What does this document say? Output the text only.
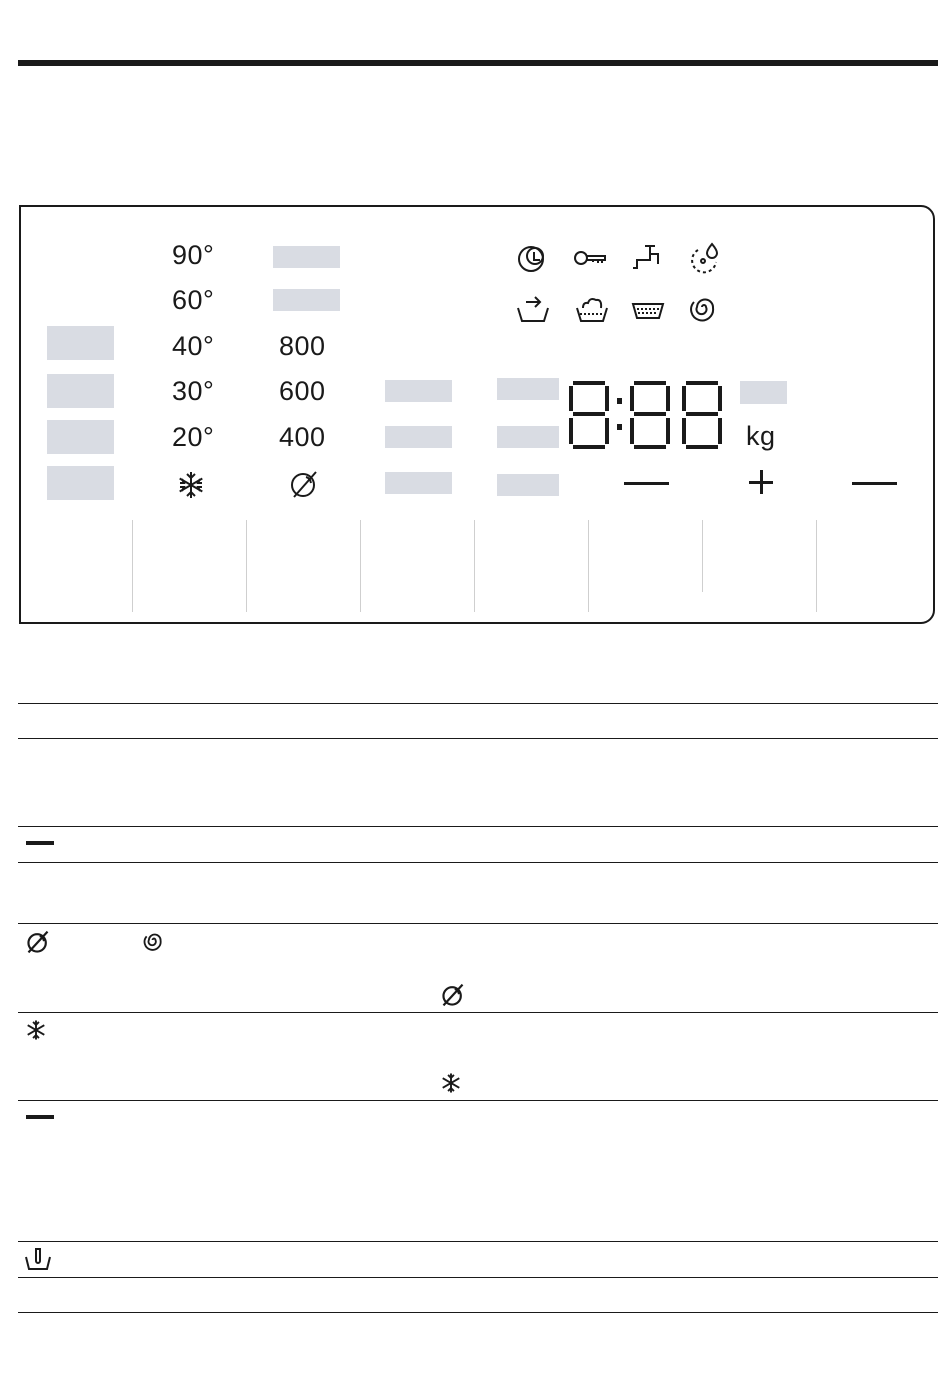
90°
60°
40°
30°
20°
800
600
400	kg
